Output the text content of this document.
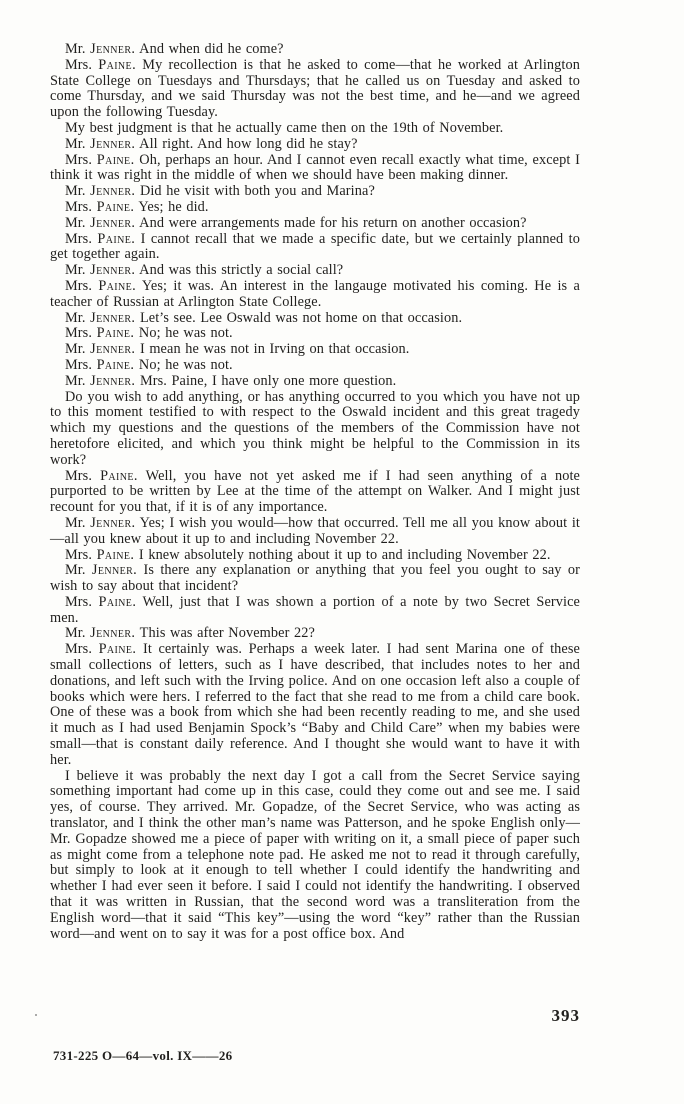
Mr. Jenner. And when did he come?

Mrs. Paine. My recollection is that he asked to come—that he worked at Arlington State College on Tuesdays and Thursdays; that he called us on Tuesday and asked to come Thursday, and we said Thursday was not the best time, and he—and we agreed upon the following Tuesday.

My best judgment is that he actually came then on the 19th of November.

Mr. Jenner. All right. And how long did he stay?

Mrs. Paine. Oh, perhaps an hour. And I cannot even recall exactly what time, except I think it was right in the middle of when we should have been making dinner.

Mr. Jenner. Did he visit with both you and Marina?

Mrs. Paine. Yes; he did.

Mr. Jenner. And were arrangements made for his return on another occasion?

Mrs. Paine. I cannot recall that we made a specific date, but we certainly planned to get together again.

Mr. Jenner. And was this strictly a social call?

Mrs. Paine. Yes; it was. An interest in the langauge motivated his coming. He is a teacher of Russian at Arlington State College.

Mr. Jenner. Let’s see. Lee Oswald was not home on that occasion.

Mrs. Paine. No; he was not.

Mr. Jenner. I mean he was not in Irving on that occasion.

Mrs. Paine. No; he was not.

Mr. Jenner. Mrs. Paine, I have only one more question.

Do you wish to add anything, or has anything occurred to you which you have not up to this moment testified to with respect to the Oswald incident and this great tragedy which my questions and the questions of the members of the Commission have not heretofore elicited, and which you think might be helpful to the Commission in its work?

Mrs. Paine. Well, you have not yet asked me if I had seen anything of a note purported to be written by Lee at the time of the attempt on Walker. And I might just recount for you that, if it is of any importance.

Mr. Jenner. Yes; I wish you would—how that occurred. Tell me all you know about it—all you knew about it up to and including November 22.

Mrs. Paine. I knew absolutely nothing about it up to and including November 22.

Mr. Jenner. Is there any explanation or anything that you feel you ought to say or wish to say about that incident?

Mrs. Paine. Well, just that I was shown a portion of a note by two Secret Service men.

Mr. Jenner. This was after November 22?

Mrs. Paine. It certainly was. Perhaps a week later. I had sent Marina one of these small collections of letters, such as I have described, that includes notes to her and donations, and left such with the Irving police. And on one occasion left also a couple of books which were hers. I referred to the fact that she read to me from a child care book. One of these was a book from which she had been recently reading to me, and she used it much as I had used Benjamin Spock’s “Baby and Child Care” when my babies were small—that is constant daily reference. And I thought she would want to have it with her.

I believe it was probably the next day I got a call from the Secret Service saying something important had come up in this case, could they come out and see me. I said yes, of course. They arrived. Mr. Gopadze, of the Secret Service, who was acting as translator, and I think the other man’s name was Patterson, and he spoke English only—Mr. Gopadze showed me a piece of paper with writing on it, a small piece of paper such as might come from a telephone note pad. He asked me not to read it through carefully, but simply to look at it enough to tell whether I could identify the handwriting and whether I had ever seen it before. I said I could not identify the handwriting. I observed that it was written in Russian, that the second word was a transliteration from the English word—that it said “This key”—using the word “key” rather than the Russian word—and went on to say it was for a post office box. And

393
731-225 O—64—vol. IX——26
